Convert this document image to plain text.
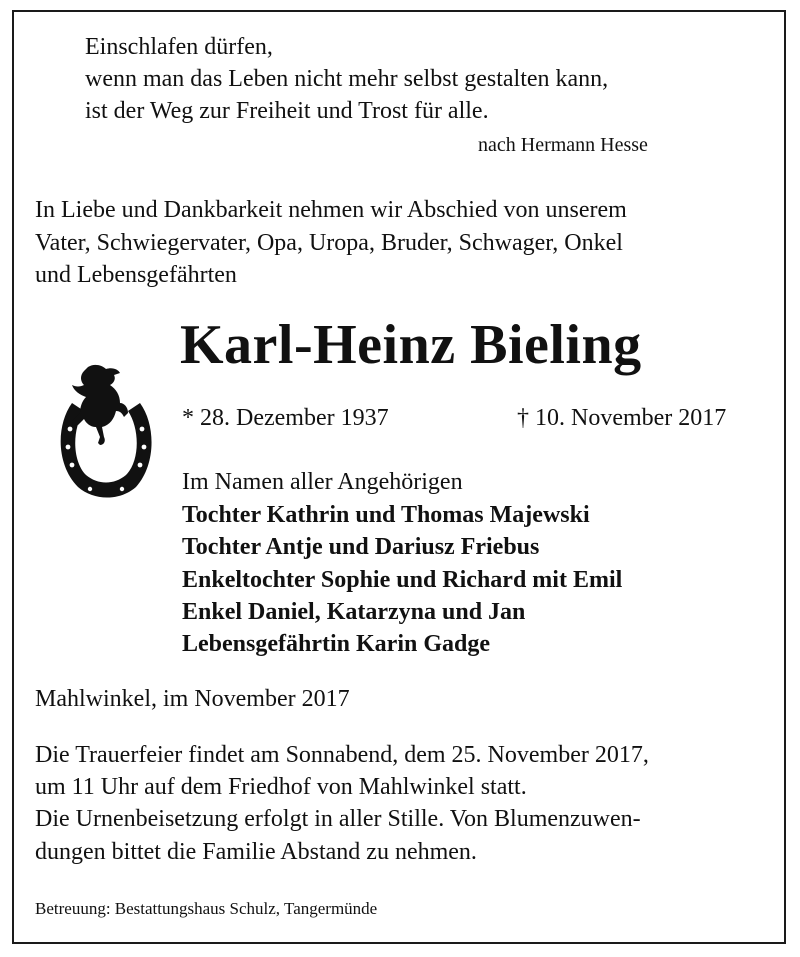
Einschlafen dürfen,
wenn man das Leben nicht mehr selbst gestalten kann,
ist der Weg zur Freiheit und Trost für alle.
nach Hermann Hesse
In Liebe und Dankbarkeit nehmen wir Abschied von unserem
Vater, Schwiegervater, Opa, Uropa, Bruder, Schwager, Onkel
und Lebensgefährten
Karl-Heinz Bieling
* 28. Dezember 1937	† 10. November 2017
Im Namen aller Angehörigen
Tochter Kathrin und Thomas Majewski
Tochter Antje und Dariusz Friebus
Enkeltochter Sophie und Richard mit Emil
Enkel Daniel, Katarzyna und Jan
Lebensgefährtin Karin Gadge
Mahlwinkel, im November 2017
Die Trauerfeier findet am Sonnabend, dem 25. November 2017,
um 11 Uhr auf dem Friedhof von Mahlwinkel statt.
Die Urnenbeisetzung erfolgt in aller Stille. Von Blumenzuwen-
dungen bittet die Familie Abstand zu nehmen.
Betreuung: Bestattungshaus Schulz, Tangermünde
